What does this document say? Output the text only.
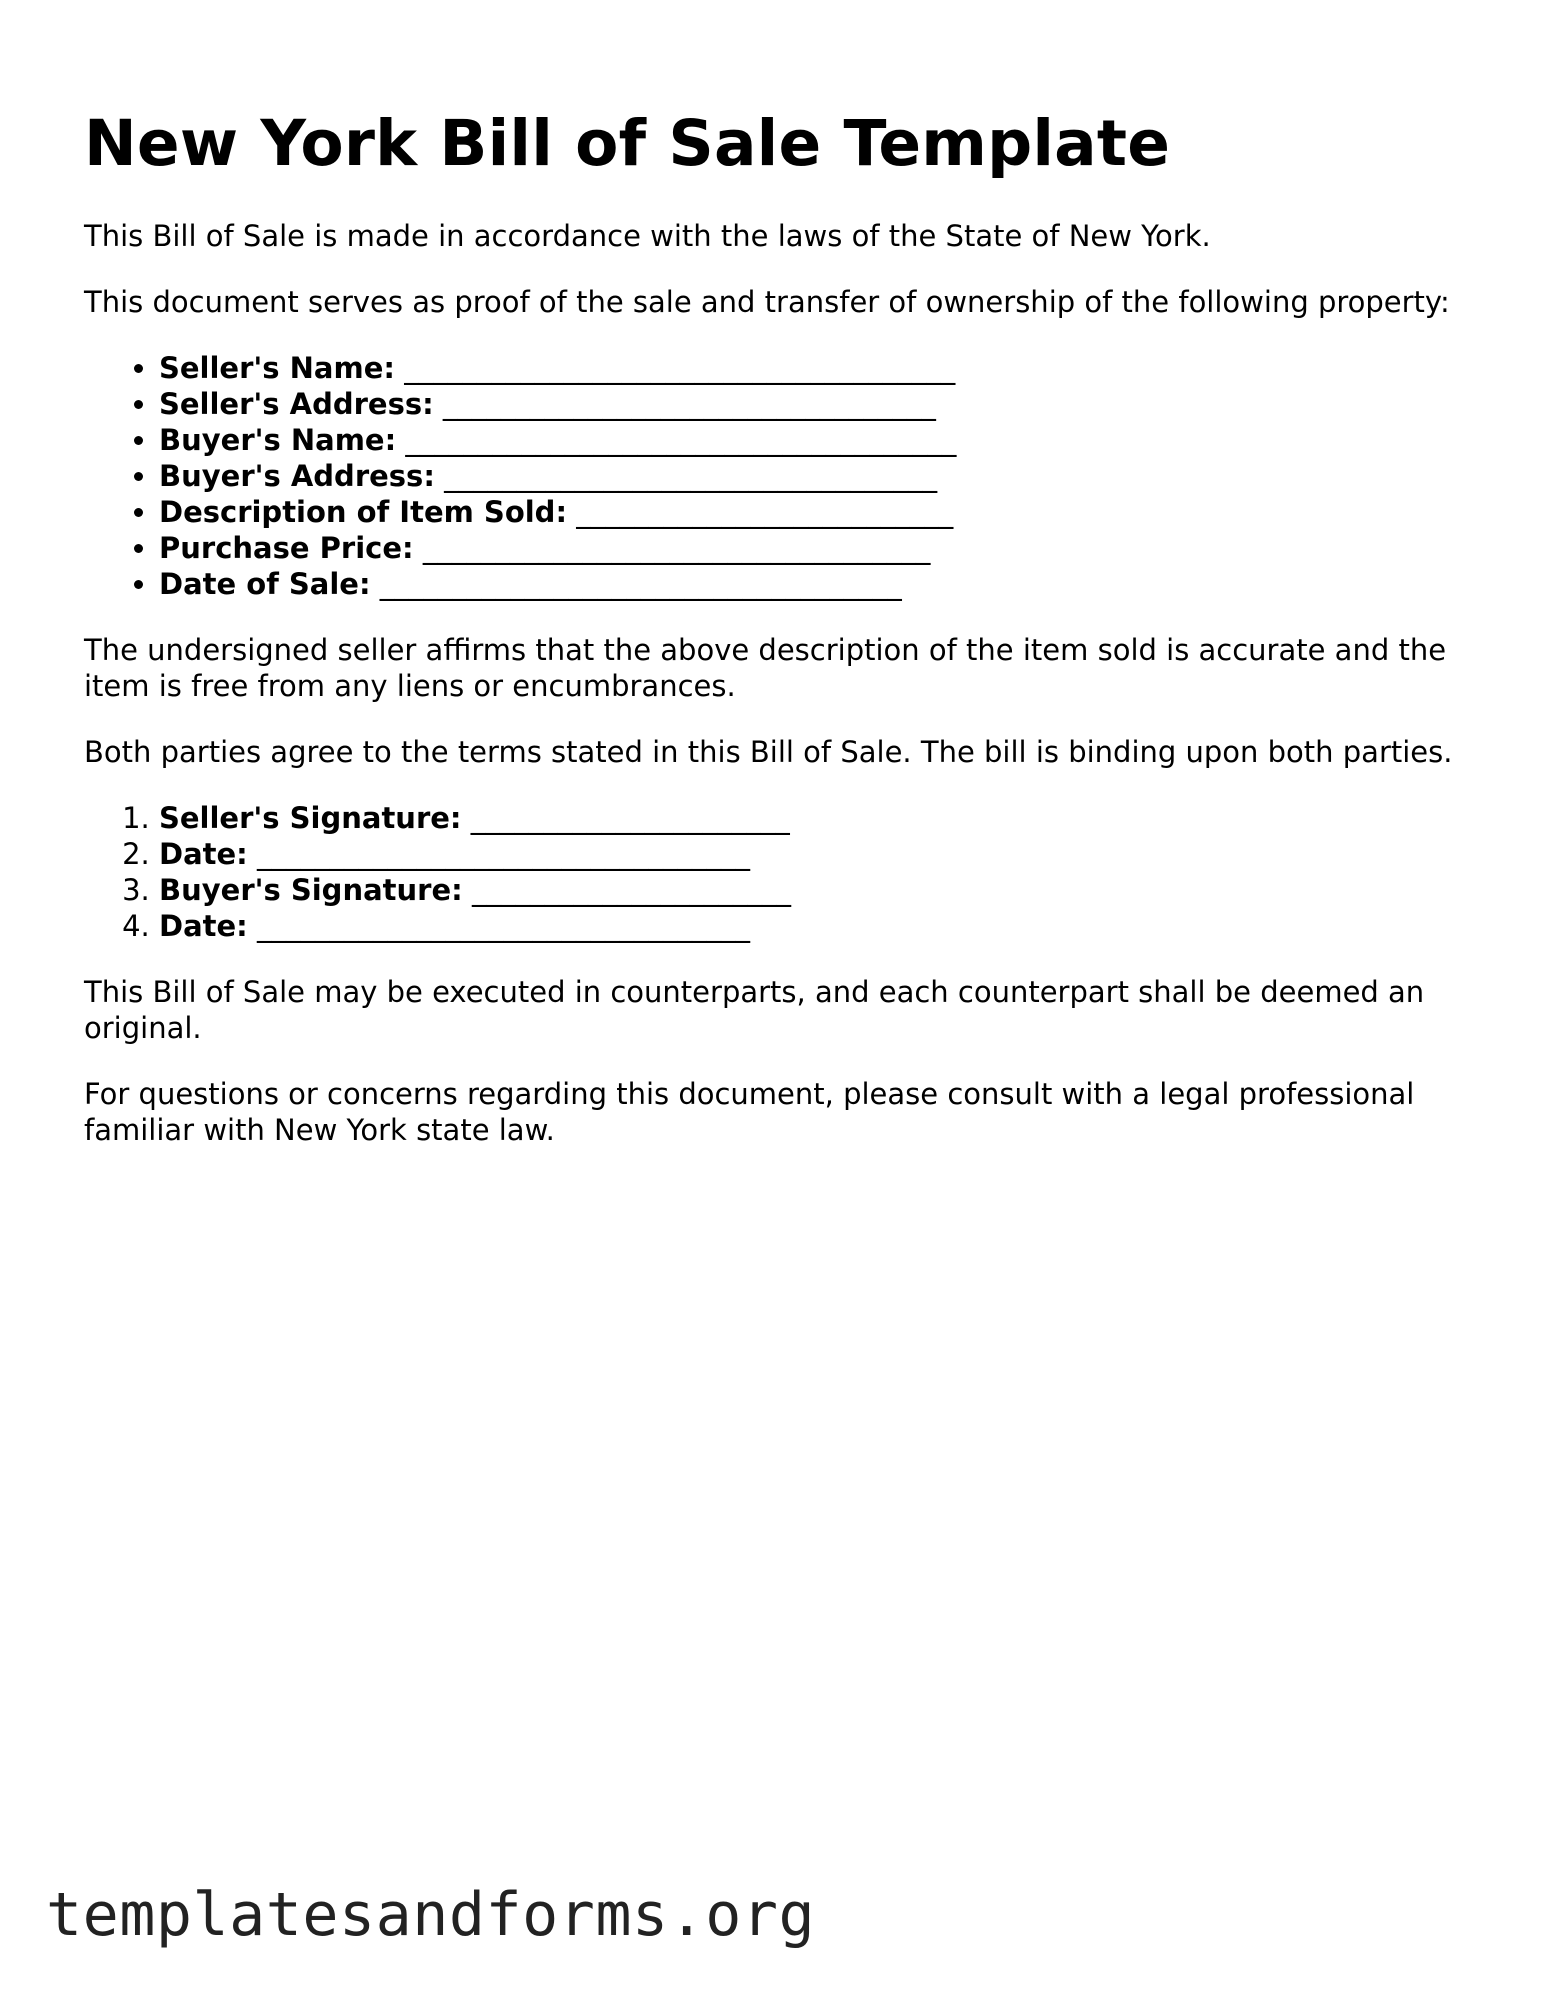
New York Bill of Sale Template

This Bill of Sale is made in accordance with the laws of the State of New York.

This document serves as proof of the sale and transfer of ownership of the following property:

• Seller's Name: ______________________________________
• Seller's Address: __________________________________
• Buyer's Name: ______________________________________
• Buyer's Address: __________________________________
• Description of Item Sold: __________________________
• Purchase Price: ___________________________________
• Date of Sale: ____________________________________

The undersigned seller affirms that the above description of the item sold is accurate and the item is free from any liens or encumbrances.

Both parties agree to the terms stated in this Bill of Sale. The bill is binding upon both parties.

1. Seller's Signature: ______________________
2. Date: __________________________________
3. Buyer's Signature: ______________________
4. Date: __________________________________

This Bill of Sale may be executed in counterparts, and each counterpart shall be deemed an original.

For questions or concerns regarding this document, please consult with a legal professional familiar with New York state law.

templatesandforms.org
